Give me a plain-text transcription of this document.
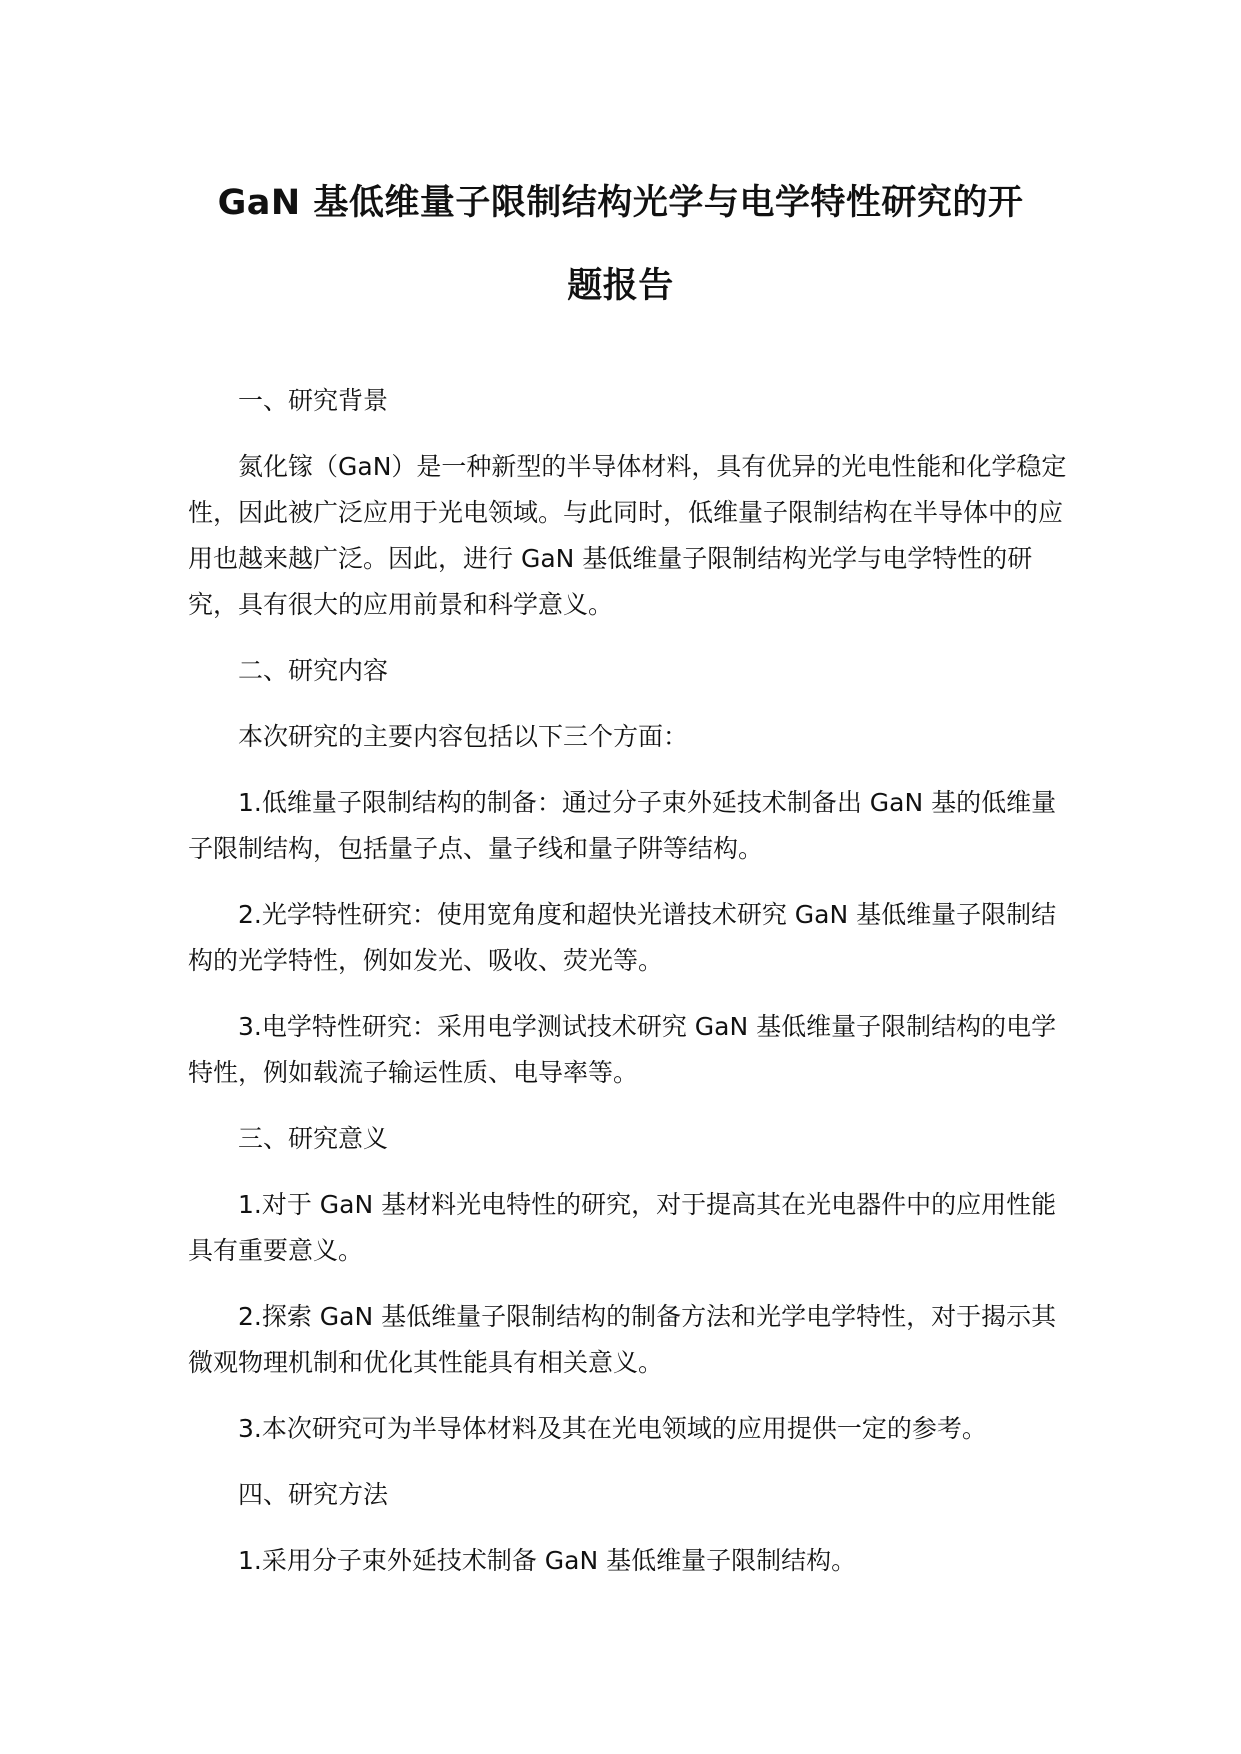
GaN 基低维量子限制结构光学与电学特性研究的开
题报告

一、研究背景

氮化镓（GaN）是一种新型的半导体材料，具有优异的光电性能和化学稳定性，因此被广泛应用于光电领域。与此同时，低维量子限制结构在半导体中的应用也越来越广泛。因此，进行 GaN 基低维量子限制结构光学与电学特性的研究，具有很大的应用前景和科学意义。

二、研究内容

本次研究的主要内容包括以下三个方面：

1.低维量子限制结构的制备：通过分子束外延技术制备出 GaN 基的低维量子限制结构，包括量子点、量子线和量子阱等结构。

2.光学特性研究：使用宽角度和超快光谱技术研究 GaN 基低维量子限制结构的光学特性，例如发光、吸收、荧光等。

3.电学特性研究：采用电学测试技术研究 GaN 基低维量子限制结构的电学特性，例如载流子输运性质、电导率等。

三、研究意义

1.对于 GaN 基材料光电特性的研究，对于提高其在光电器件中的应用性能具有重要意义。

2.探索 GaN 基低维量子限制结构的制备方法和光学电学特性，对于揭示其微观物理机制和优化其性能具有相关意义。

3.本次研究可为半导体材料及其在光电领域的应用提供一定的参考。

四、研究方法

1.采用分子束外延技术制备 GaN 基低维量子限制结构。
